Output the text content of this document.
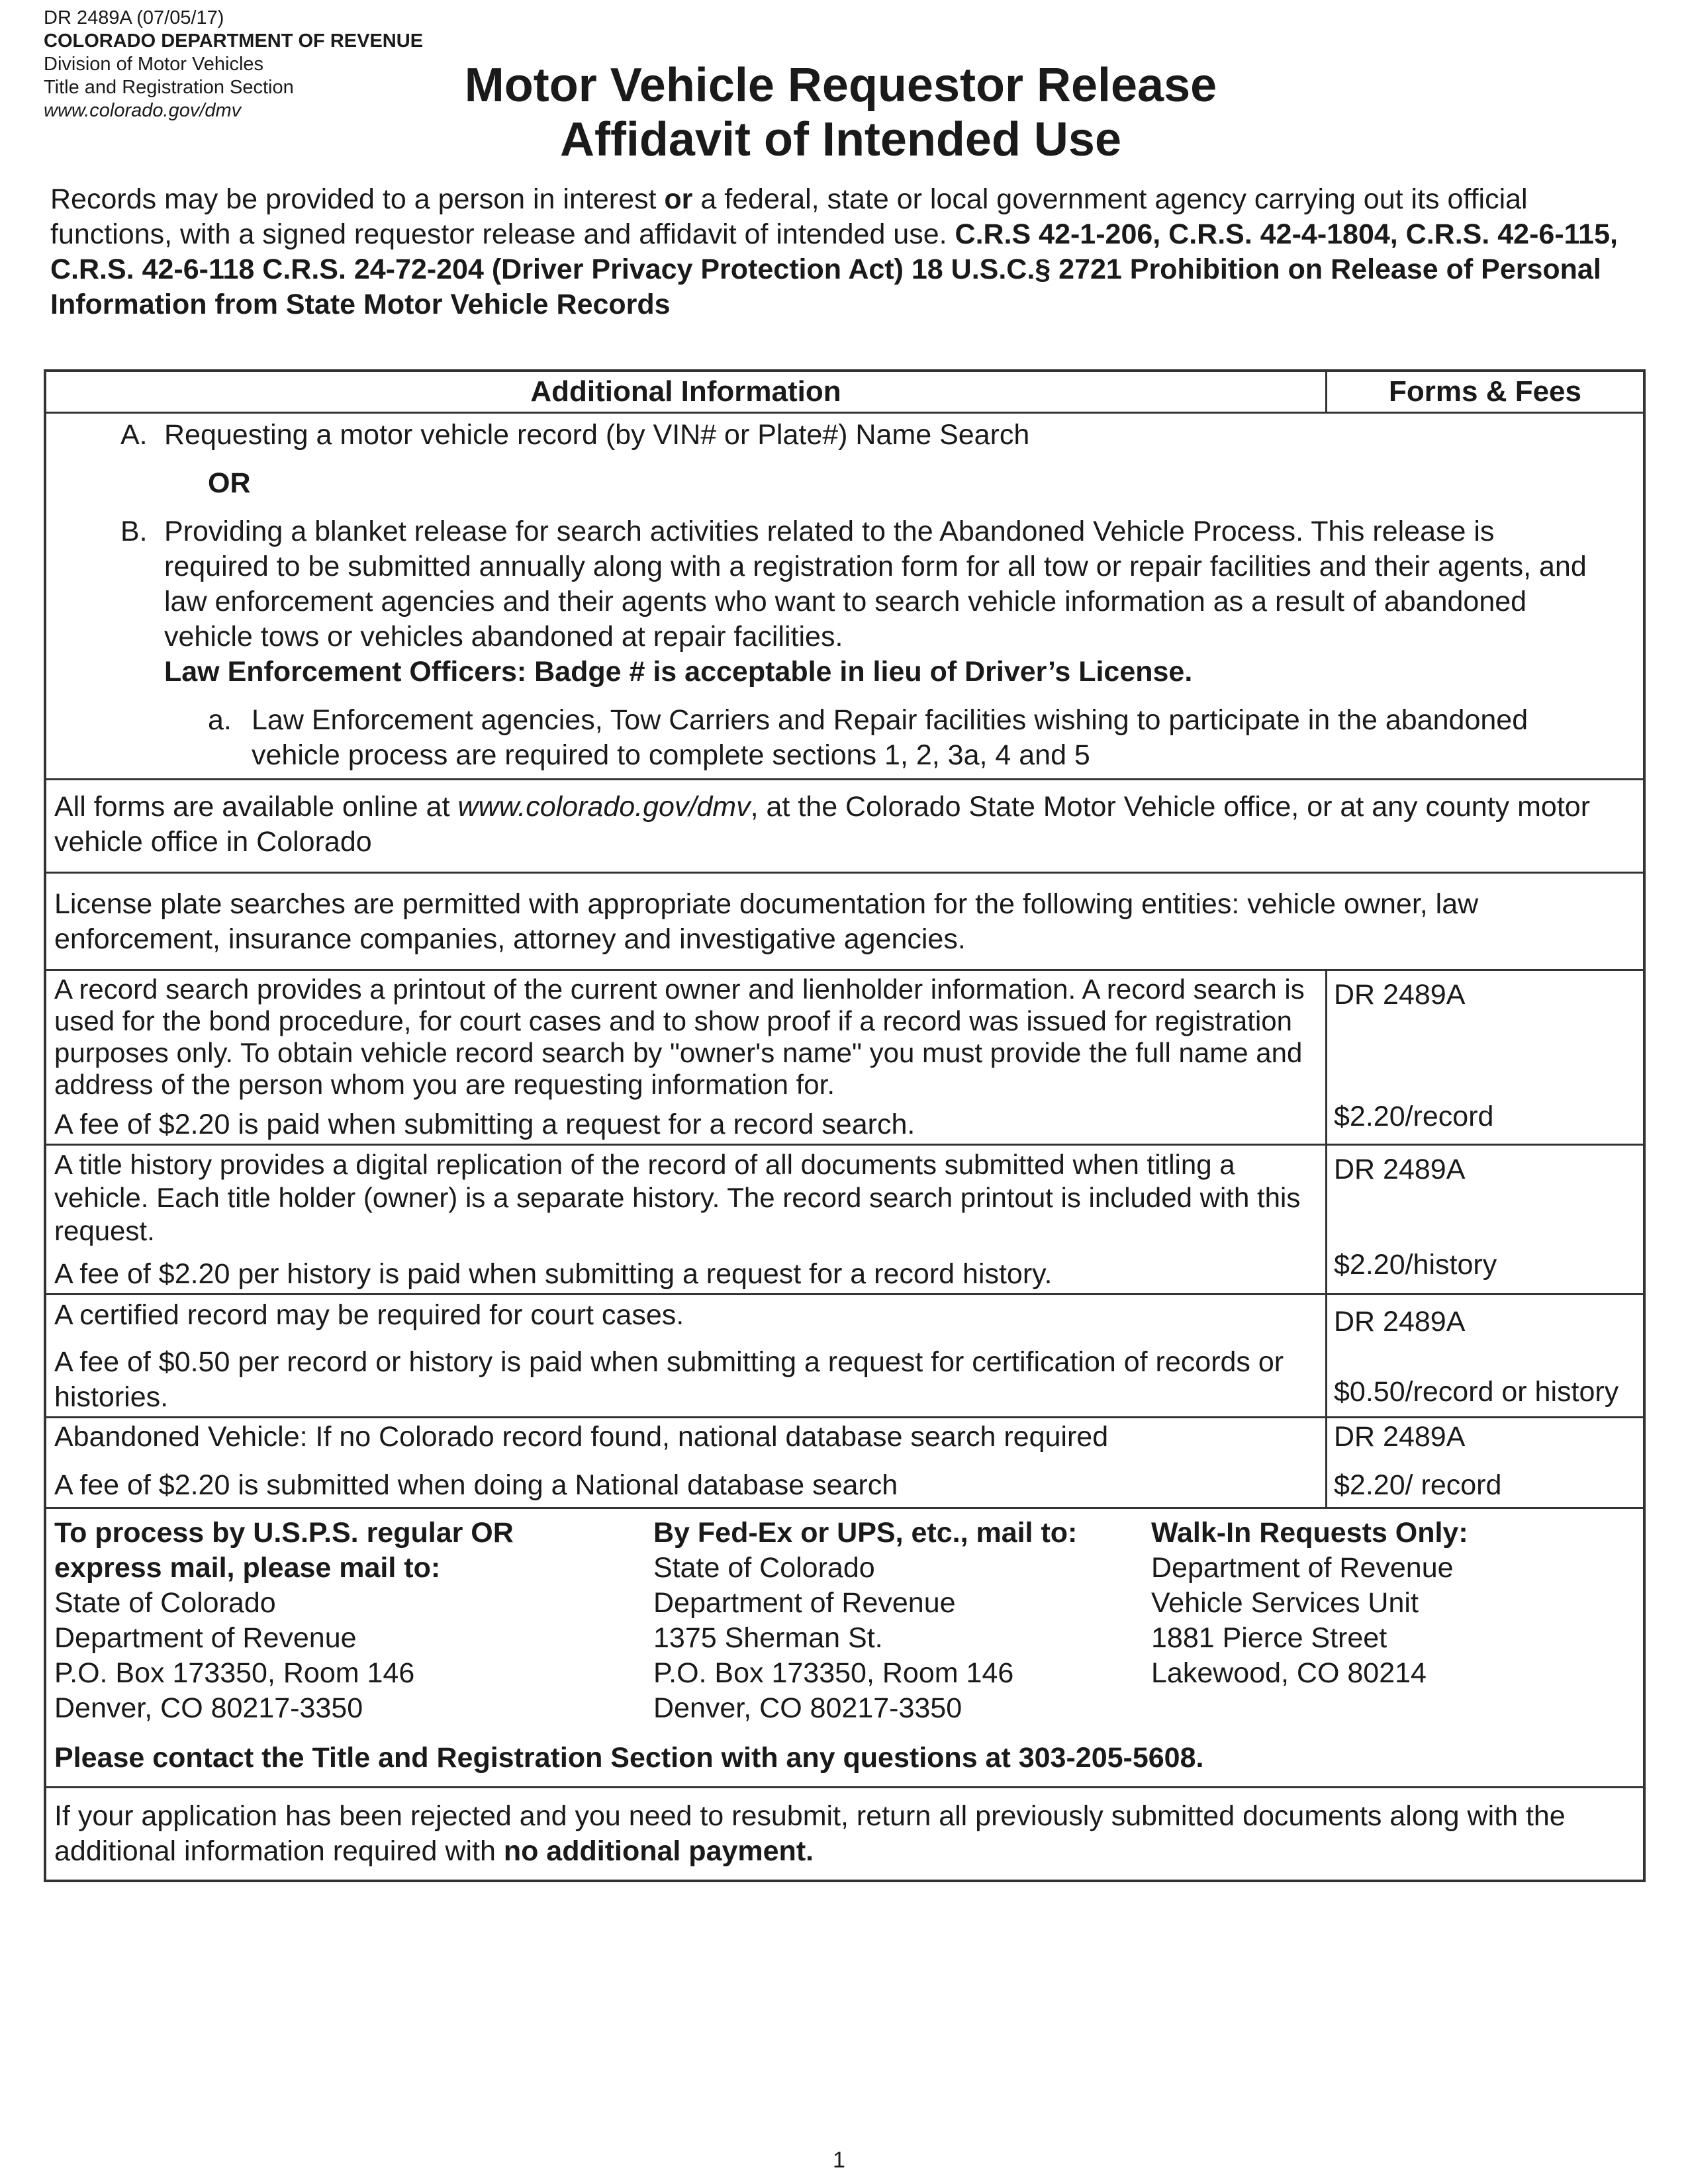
DR 2489A (07/05/17)
COLORADO DEPARTMENT OF REVENUE
Division of Motor Vehicles
Title and Registration Section
www.colorado.gov/dmv	Motor Vehicle Requestor Release
Affidavit of Intended Use
Records may be provided to a person in interest or a federal, state or local government agency carrying out its official functions, with a signed requestor release and affidavit of intended use. C.R.S 42-1-206, C.R.S. 42-4-1804, C.R.S. 42-6-115, C.R.S. 42-6-118 C.R.S. 24-72-204 (Driver Privacy Protection Act) 18 U.S.C.§ 2721 Prohibition on Release of Personal Information from State Motor Vehicle Records
Additional Information	Forms & Fees
A. Requesting a motor vehicle record (by VIN# or Plate#) Name Search
OR
B. Providing a blanket release for search activities related to the Abandoned Vehicle Process. This release is required to be submitted annually along with a registration form for all tow or repair facilities and their agents, and law enforcement agencies and their agents who want to search vehicle information as a result of abandoned vehicle tows or vehicles abandoned at repair facilities.
Law Enforcement Officers: Badge # is acceptable in lieu of Driver’s License.
a. Law Enforcement agencies, Tow Carriers and Repair facilities wishing to participate in the abandoned vehicle process are required to complete sections 1, 2, 3a, 4 and 5
All forms are available online at www.colorado.gov/dmv, at the Colorado State Motor Vehicle office, or at any county motor vehicle office in Colorado
License plate searches are permitted with appropriate documentation for the following entities: vehicle owner, law enforcement, insurance companies, attorney and investigative agencies.
A record search provides a printout of the current owner and lienholder information. A record search is used for the bond procedure, for court cases and to show proof if a record was issued for registration purposes only. To obtain vehicle record search by "owner's name" you must provide the full name and address of the person whom you are requesting information for.
A fee of $2.20 is paid when submitting a request for a record search.
DR 2489A
$2.20/record
A title history provides a digital replication of the record of all documents submitted when titling a vehicle. Each title holder (owner) is a separate history. The record search printout is included with this request.
A fee of $2.20 per history is paid when submitting a request for a record history.
DR 2489A
$2.20/history
A certified record may be required for court cases.
A fee of $0.50 per record or history is paid when submitting a request for certification of records or histories.
DR 2489A
$0.50/record or history
Abandoned Vehicle: If no Colorado record found, national database search required
A fee of $2.20 is submitted when doing a National database search
DR 2489A
$2.20/ record
To process by U.S.P.S. regular OR express mail, please mail to:
State of Colorado
Department of Revenue
P.O. Box 173350, Room 146
Denver, CO 80217-3350
By Fed-Ex or UPS, etc., mail to:
State of Colorado
Department of Revenue
1375 Sherman St.
P.O. Box 173350, Room 146
Denver, CO 80217-3350
Walk-In Requests Only:
Department of Revenue
Vehicle Services Unit
1881 Pierce Street
Lakewood, CO 80214
Please contact the Title and Registration Section with any questions at 303-205-5608.
If your application has been rejected and you need to resubmit, return all previously submitted documents along with the additional information required with no additional payment.
1
